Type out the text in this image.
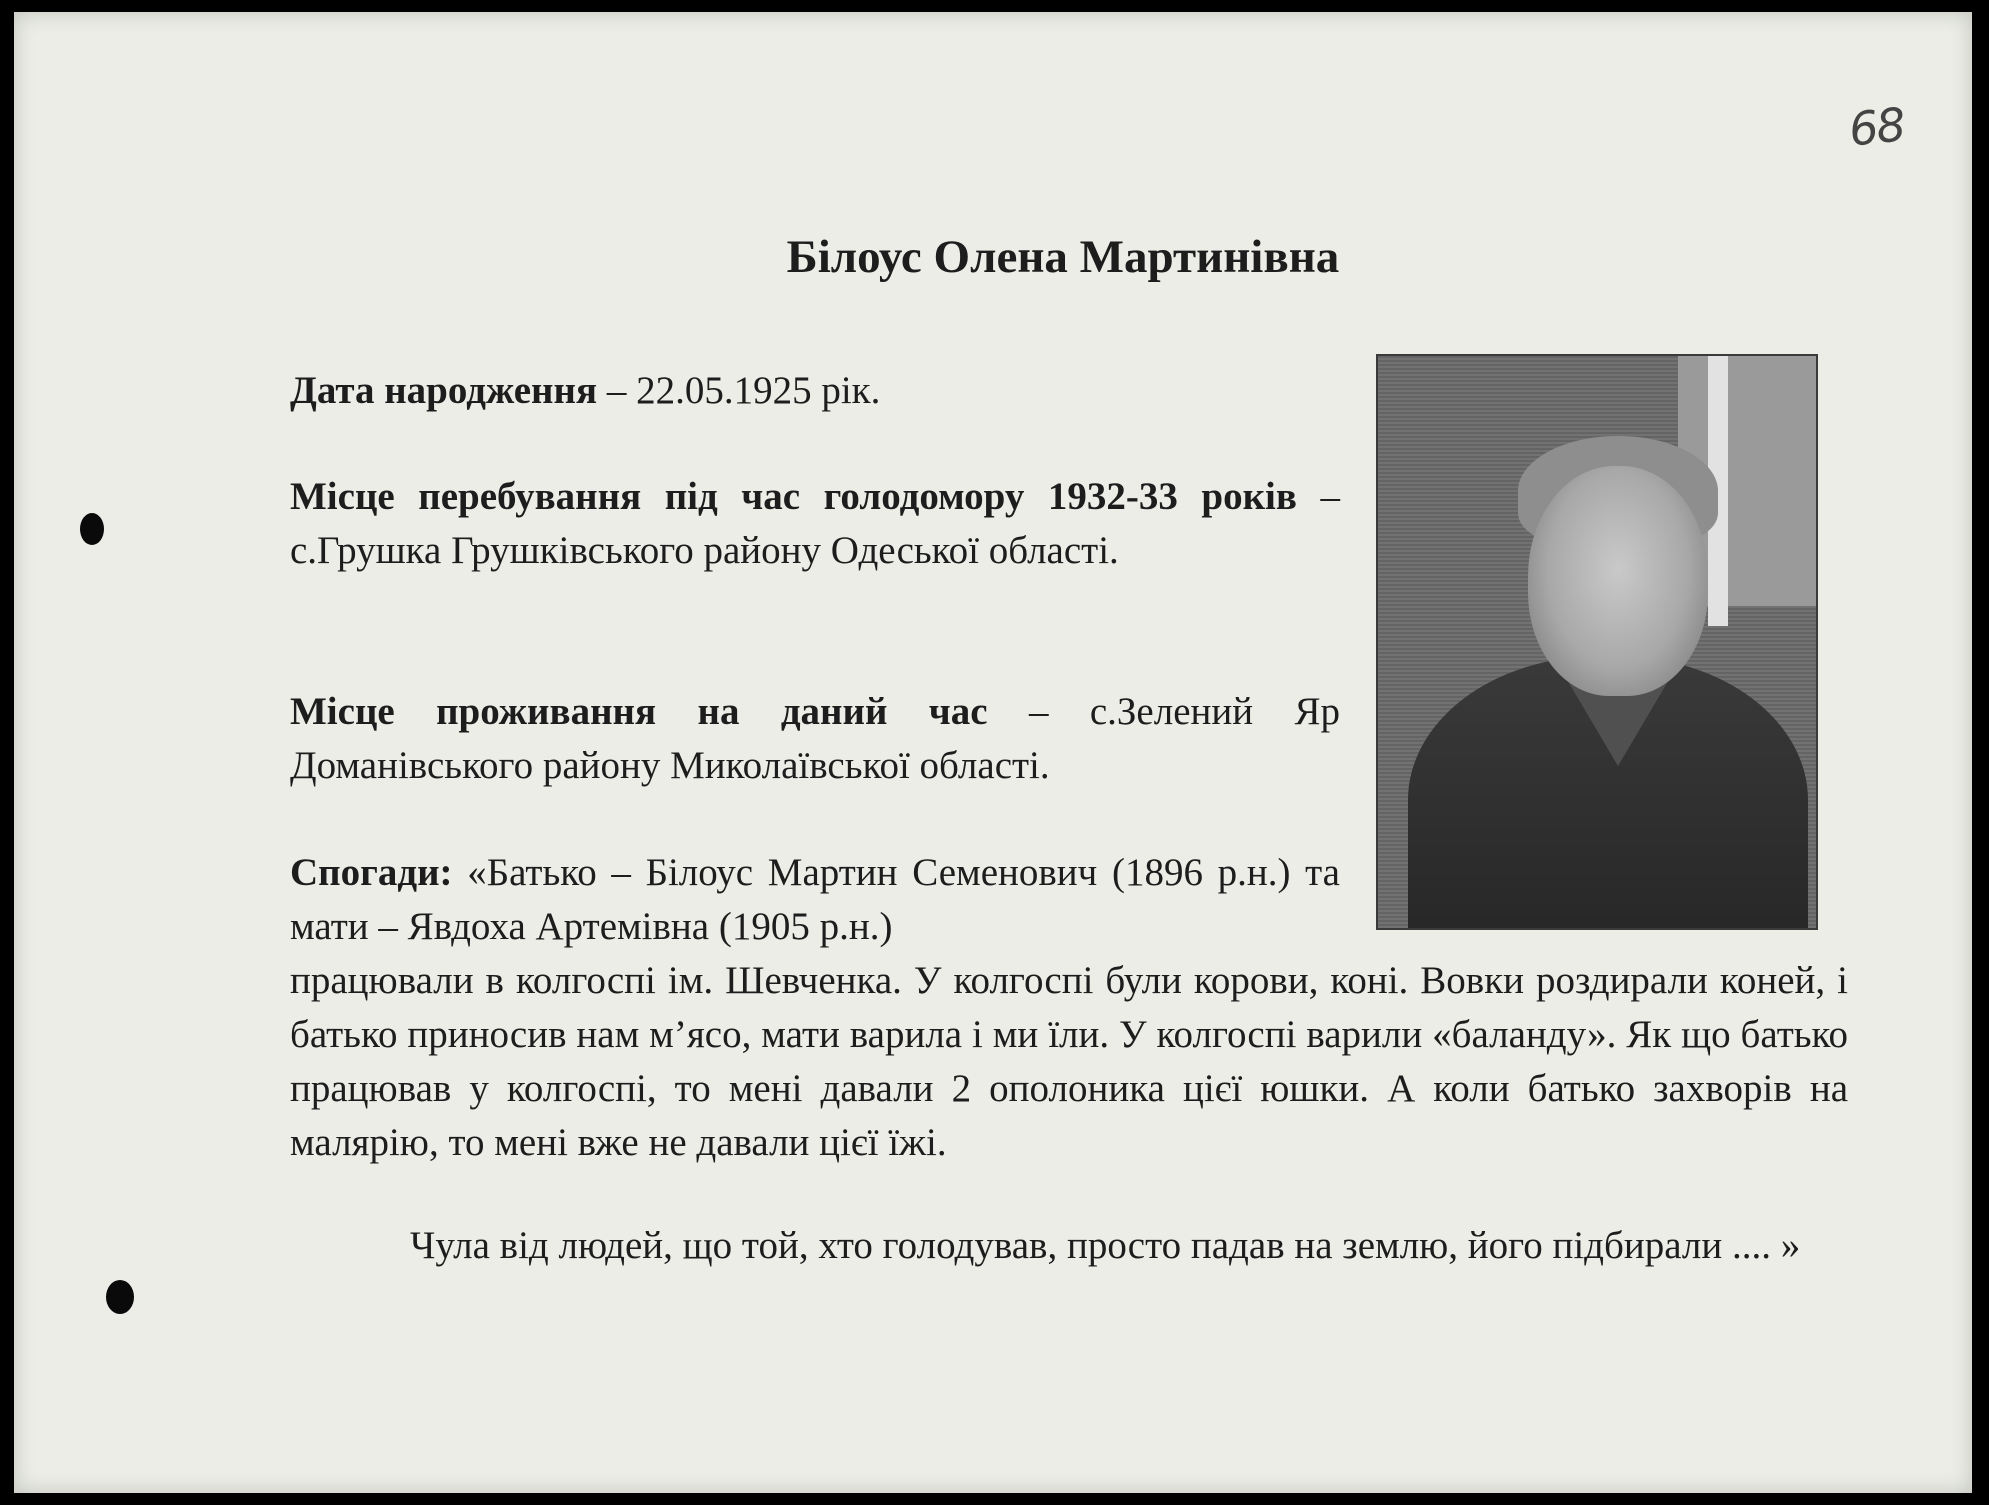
68
Білоус Олена Мартинівна
Дата народження – 22.05.1925 рік.
Місце перебування під час голодомору 1932-33 років – с.Грушка Грушківського району Одеської області.
Місце проживання на даний час – с.Зелений Яр Доманівського району Миколаївської області.
Спогади: «Батько – Білоус Мартин Семенович (1896 р.н.) та мати – Явдоха Артемівна (1905 р.н.)
працювали в колгоспі ім. Шевченка. У колгоспі були корови, коні. Вовки роздирали коней, і батько приносив нам м’ясо, мати варила і ми їли. У колгоспі варили «баланду». Як що батько працював у колгоспі, то мені давали 2 ополоника цієї юшки. А коли батько захворів на малярію, то мені вже не давали цієї їжі.
Чула від людей, що той, хто голодував, просто падав на землю, його підбирали .... »
